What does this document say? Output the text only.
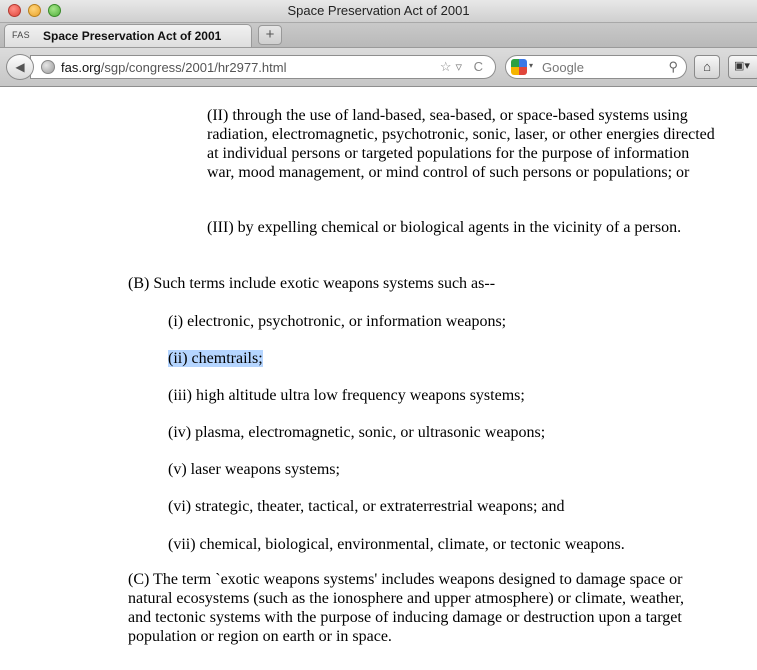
Space Preservation Act of 2001
FAS Space Preservation Act of 2001	+
fas.org/sgp/congress/2001/hr2977.html	☆▿ C
◀	▾ Google	⚲	⌂	▣▾

(II) through the use of land-based, sea-based, or space-based systems using radiation, electromagnetic, psychotronic, sonic, laser, or other energies directed at individual persons or targeted populations for the purpose of information war, mood management, or mind control of such persons or populations; or

(III) by expelling chemical or biological agents in the vicinity of a person.

(B) Such terms include exotic weapons systems such as--

(i) electronic, psychotronic, or information weapons;

(ii) chemtrails;

(iii) high altitude ultra low frequency weapons systems;

(iv) plasma, electromagnetic, sonic, or ultrasonic weapons;

(v) laser weapons systems;

(vi) strategic, theater, tactical, or extraterrestrial weapons; and

(vii) chemical, biological, environmental, climate, or tectonic weapons.

(C) The term `exotic weapons systems' includes weapons designed to damage space or natural ecosystems (such as the ionosphere and upper atmosphere) or climate, weather, and tectonic systems with the purpose of inducing damage or destruction upon a target population or region on earth or in space.
